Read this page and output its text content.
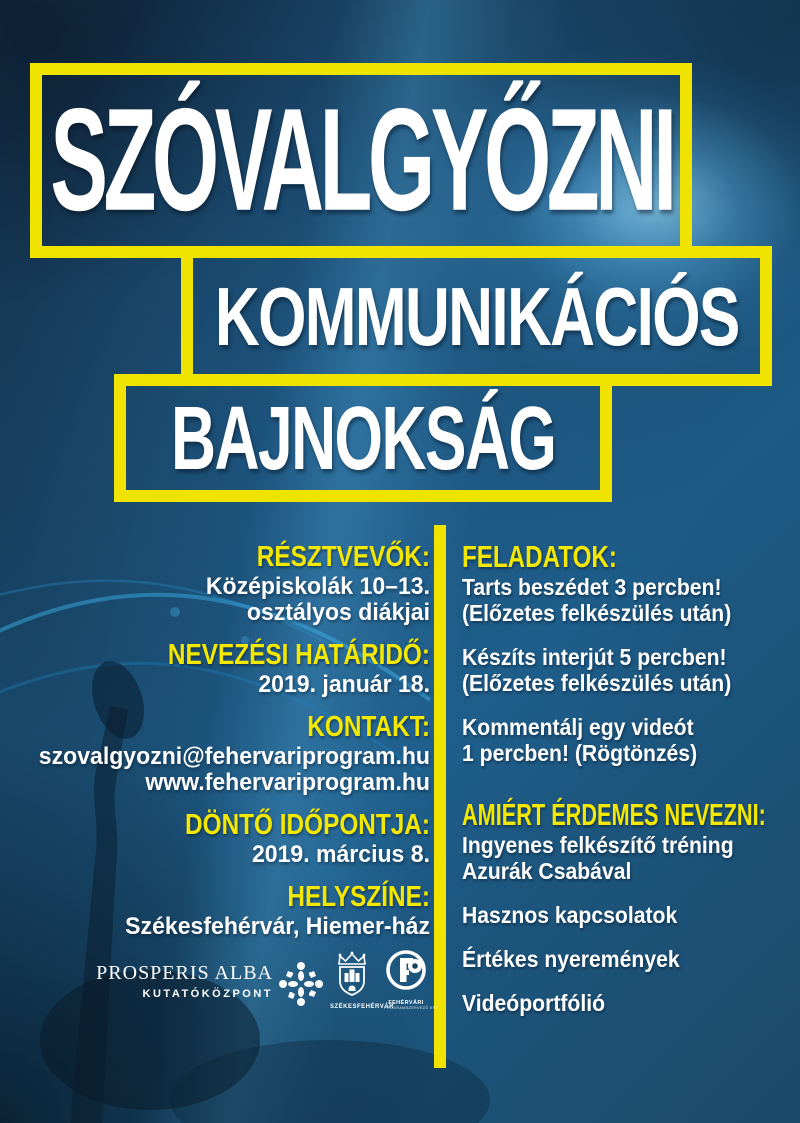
SZÓVALGYŐZNI
KOMMUNIKÁCIÓS
BAJNOKSÁG
RÉSZTVEVŐK:
Középiskolák 10–13.
osztályos diákjai
NEVEZÉSI HATÁRIDŐ:
2019. január 18.
KONTAKT:
szovalgyozni@fehervariprogram.hu
www.fehervariprogram.hu
DÖNTŐ IDŐPONTJA:
2019. március 8.
HELYSZÍNE:
Székesfehérvár, Hiemer-ház
FELADATOK:
Tarts beszédet 3 percben!
(Előzetes felkészülés után)
Készíts interjút 5 percben!
(Előzetes felkészülés után)
Kommentálj egy videót
1 percben! (Rögtönzés)
AMIÉRT ÉRDEMES NEVEZNI:
Ingyenes felkészítő tréning
Azurák Csabával
Hasznos kapcsolatok
Értékes nyeremények
Videóportfólió
PROSPERIS ALBA
KUTATÓKÖZPONT
SZÉKESFEHÉRVÁR
FEHÉRVÁRI
PROGRAMSZERVEZŐ KFT.
